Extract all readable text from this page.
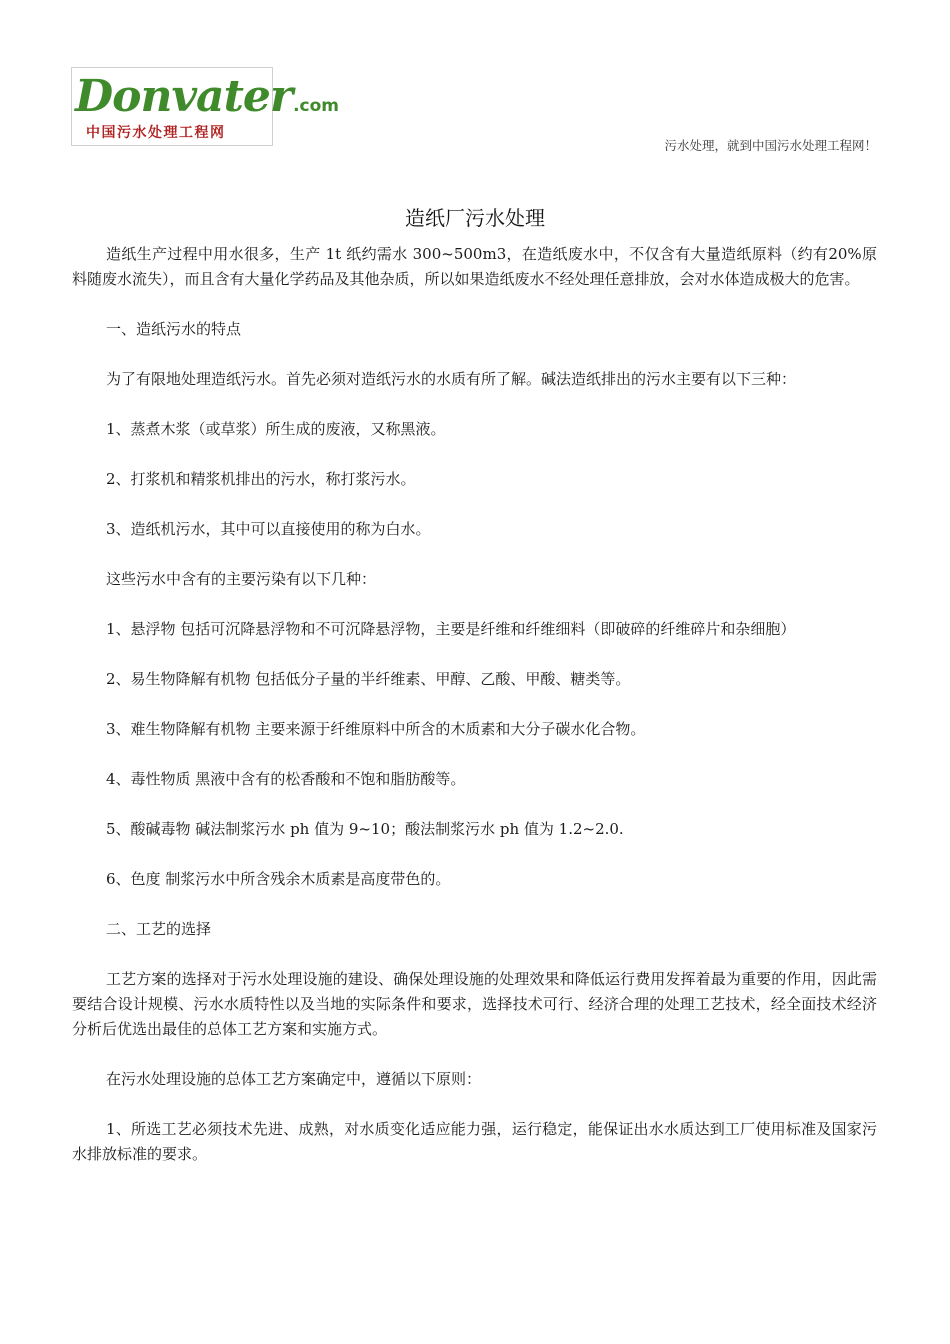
Donvater.com
中国污水处理工程网
污水处理，就到中国污水处理工程网！
造纸厂污水处理

造纸生产过程中用水很多，生产 1t 纸约需水 300~500m3，在造纸废水中，不仅含有大量造纸原料（约有20%原料随废水流失），而且含有大量化学药品及其他杂质，所以如果造纸废水不经处理任意排放，会对水体造成极大的危害。

一、造纸污水的特点

为了有限地处理造纸污水。首先必须对造纸污水的水质有所了解。碱法造纸排出的污水主要有以下三种：

1、蒸煮木浆（或草浆）所生成的废液，又称黑液。

2、打浆机和精浆机排出的污水，称打浆污水。

3、造纸机污水，其中可以直接使用的称为白水。

这些污水中含有的主要污染有以下几种：

1、悬浮物 包括可沉降悬浮物和不可沉降悬浮物，主要是纤维和纤维细料（即破碎的纤维碎片和杂细胞）

2、易生物降解有机物 包括低分子量的半纤维素、甲醇、乙酸、甲酸、糖类等。

3、难生物降解有机物 主要来源于纤维原料中所含的木质素和大分子碳水化合物。

4、毒性物质 黑液中含有的松香酸和不饱和脂肪酸等。

5、酸碱毒物 碱法制浆污水 ph 值为 9~10；酸法制浆污水 ph 值为 1.2~2.0.

6、色度 制浆污水中所含残余木质素是高度带色的。

二、工艺的选择

工艺方案的选择对于污水处理设施的建设、确保处理设施的处理效果和降低运行费用发挥着最为重要的作用，因此需要结合设计规模、污水水质特性以及当地的实际条件和要求，选择技术可行、经济合理的处理工艺技术，经全面技术经济分析后优选出最佳的总体工艺方案和实施方式。

在污水处理设施的总体工艺方案确定中，遵循以下原则：

1、所选工艺必须技术先进、成熟，对水质变化适应能力强，运行稳定，能保证出水水质达到工厂使用标准及国家污水排放标准的要求。
